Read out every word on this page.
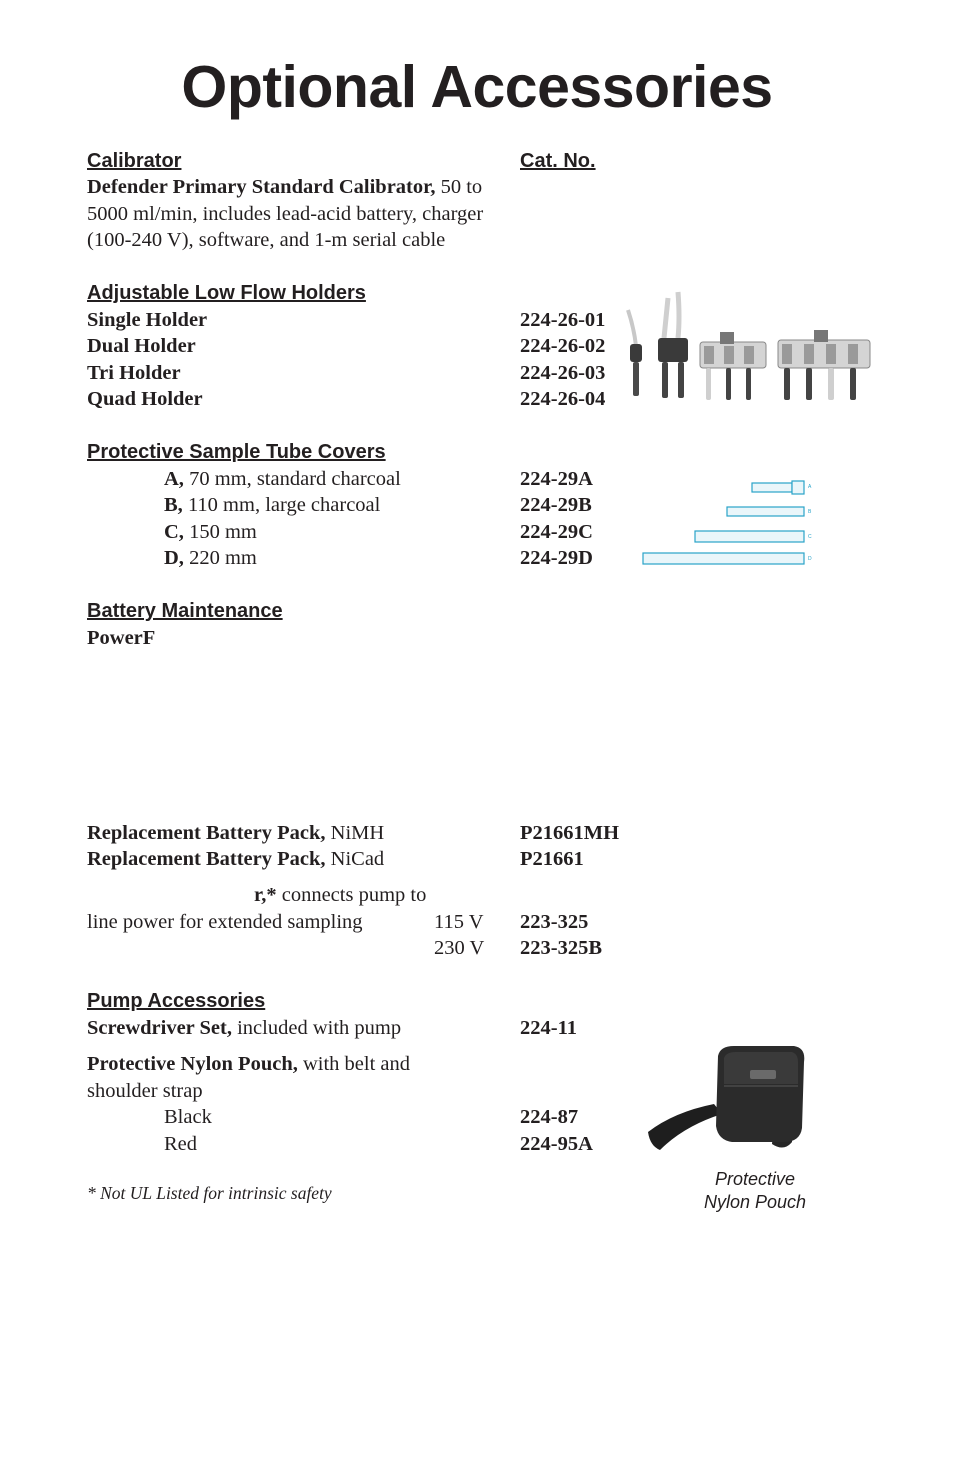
Optional Accessories
Calibrator	Cat. No.
Defender Primary Standard Calibrator, 50 to
5000 ml/min, includes lead-acid battery, charger
(100-240 V), software, and 1-m serial cable
Adjustable Low Flow Holders
Single Holder	224-26-01
Dual Holder	224-26-02
Tri Holder	224-26-03
Quad Holder	224-26-04
Protective Sample Tube Covers
A, 70 mm, standard charcoal	224-29A
B, 110 mm, large charcoal	224-29B
C, 150 mm	224-29C
D, 220 mm	224-29D
A
B
C
D
Battery Maintenance
PowerF
Replacement Battery Pack, NiMH	P21661MH
Replacement Battery Pack, NiCad	P21661
r,* connects pump to
line power for extended sampling	115 V 223-325
230 V 223-325B
Pump Accessories
Screwdriver Set, included with pump	224-11
Protective Nylon Pouch, with belt and
shoulder strap
Black	224-87
Red	224-95A
Protective
Nylon Pouch
* Not UL Listed for intrinsic safety
